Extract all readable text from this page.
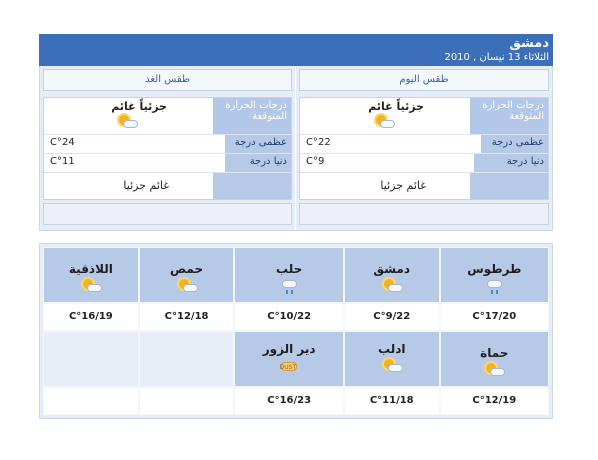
دمشق
الثلاثاء 13 نيسان , 2010
طقس اليوم
درجات الحرارة المتوقعة
جزئياً غائم
عظمى درجة
C°22
دنيا درجة
C°9
غائم جزئيا
طقس الغد
درجات الحرارة المتوقعة
جزئياً غائم
عظمى درجة
C°24
دنيا درجة
C°11
غائم جزئيا
طرطوس
دمشق
حلب
حمص
اللاذقية
C°17/20
C°9/22
C°10/22
C°12/18
C°16/19
حماة
ادلب
دير الزور
DUST
C°12/19
C°11/18
C°16/23
